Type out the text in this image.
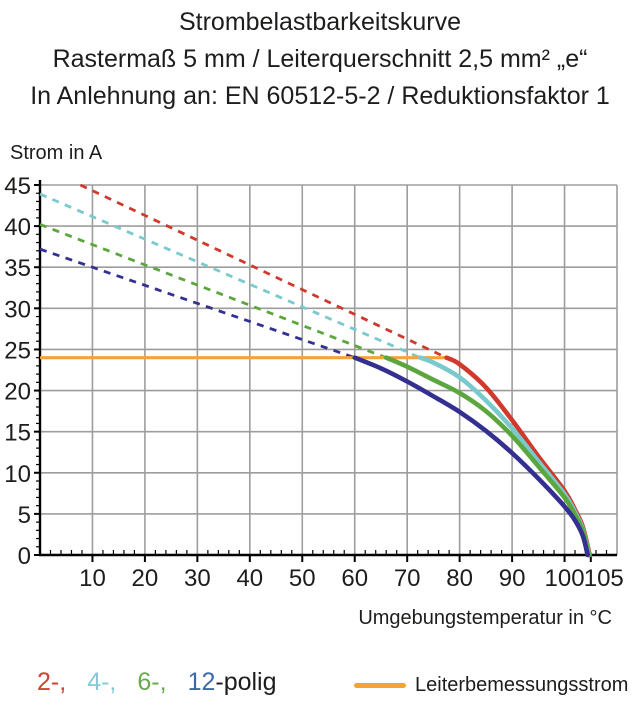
Strombelastbarkeitskurve
Rastermaß 5 mm / Leiterquerschnitt 2,5 mm² „e“
In Anlehnung an: EN 60512-5-2 / Reduktionsfaktor 1
Strom in A
10 20 30 40 50 60 70 80 90 100 105
0
5
10
15
20
25
30
35
40
45
Umgebungstemperatur in °C
2-, 4-, 6-, 12-polig	Leiterbemessungsstrom
